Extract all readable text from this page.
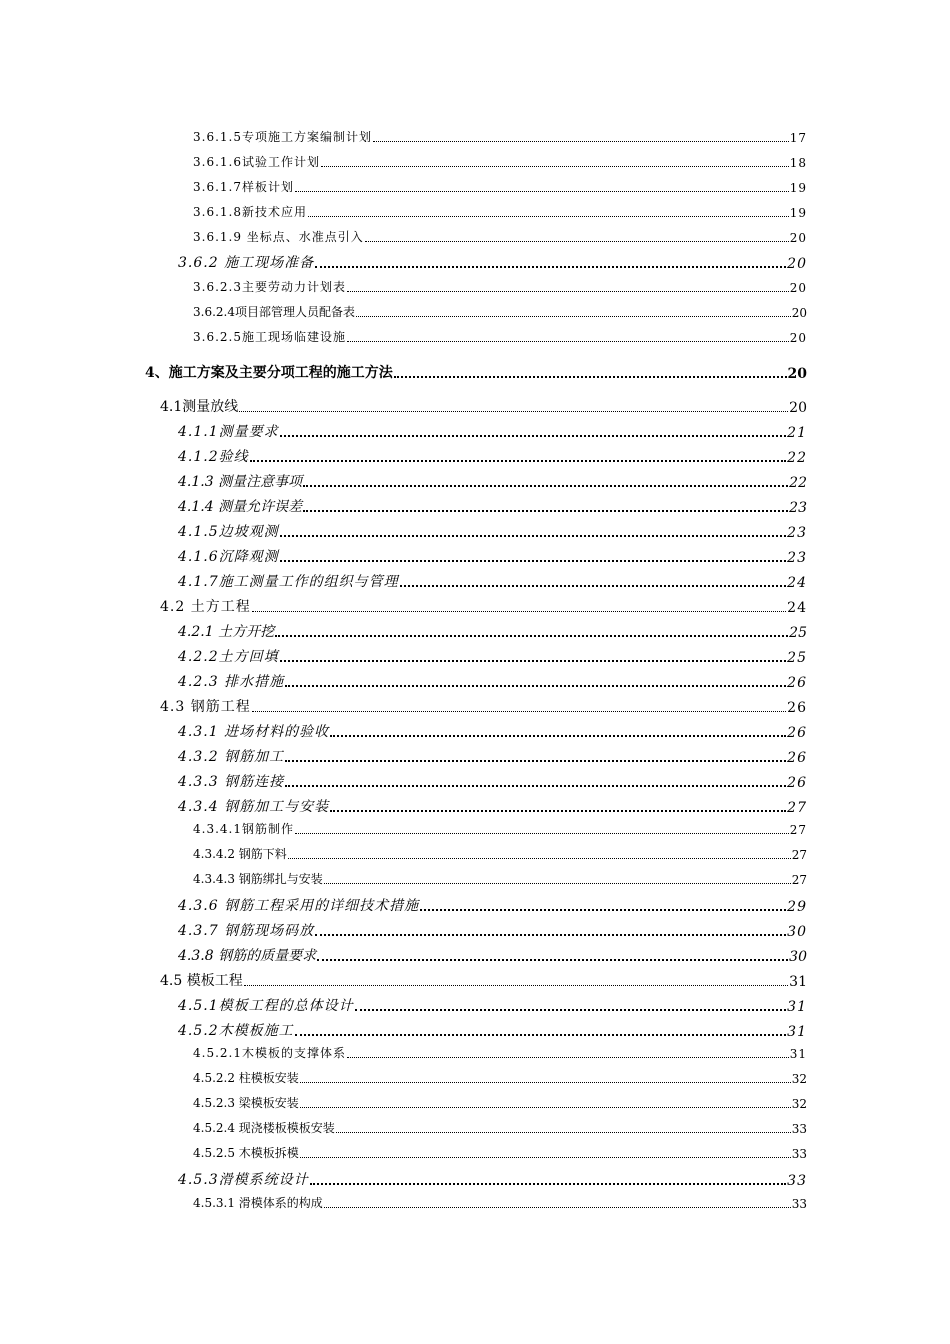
3.6.1.5专项施工方案编制计划	17
3.6.1.6试验工作计划	18
3.6.1.7样板计划	19
3.6.1.8新技术应用	19
3.6.1.9 坐标点、水准点引入	20
3.6.2 施工现场准备	20
3.6.2.3主要劳动力计划表	20
3.6.2.4项目部管理人员配备表	20
3.6.2.5施工现场临建设施	20
4、施工方案及主要分项工程的施工方法	20
4.1测量放线	20
4.1.1测量要求	21
4.1.2验线	22
4.1.3 测量注意事项	22
4.1.4 测量允许误差	23
4.1.5边坡观测	23
4.1.6沉降观测	23
4.1.7施工测量工作的组织与管理	24
4.2 土方工程	24
4.2.1 土方开挖	25
4.2.2土方回填	25
4.2.3 排水措施	26
4.3 钢筋工程	26
4.3.1 进场材料的验收	26
4.3.2 钢筋加工	26
4.3.3 钢筋连接	26
4.3.4 钢筋加工与安装	27
4.3.4.1钢筋制作	27
4.3.4.2 钢筋下料	27
4.3.4.3 钢筋绑扎与安装	27
4.3.6 钢筋工程采用的详细技术措施	29
4.3.7 钢筋现场码放	30
4.3.8 钢筋的质量要求	30
4.5 模板工程	31
4.5.1模板工程的总体设计	31
4.5.2木模板施工	31
4.5.2.1木模板的支撑体系	31
4.5.2.2 柱模板安装	32
4.5.2.3 梁模板安装	32
4.5.2.4 现浇楼板模板安装	33
4.5.2.5 木模板拆模	33
4.5.3滑模系统设计	33
4.5.3.1 滑模体系的构成	33
